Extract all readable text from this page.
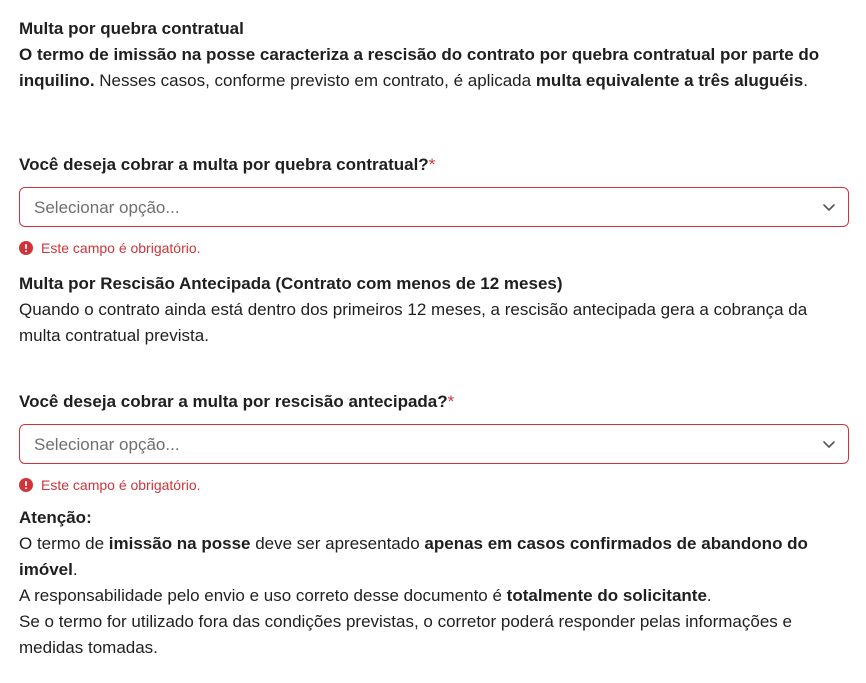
Multa por quebra contratual

O termo de imissão na posse caracteriza a rescisão do contrato por quebra contratual por parte do inquilino. Nesses casos, conforme previsto em contrato, é aplicada multa equivalente a três aluguéis.

Você deseja cobrar a multa por quebra contratual?*

Selecionar opção...
Este campo é obrigatório.

Multa por Rescisão Antecipada (Contrato com menos de 12 meses)

Quando o contrato ainda está dentro dos primeiros 12 meses, a rescisão antecipada gera a cobrança da multa contratual prevista.

Você deseja cobrar a multa por rescisão antecipada?*

Selecionar opção...
Este campo é obrigatório.

Atenção:

O termo de imissão na posse deve ser apresentado apenas em casos confirmados de abandono do imóvel.

A responsabilidade pelo envio e uso correto desse documento é totalmente do solicitante.

Se o termo for utilizado fora das condições previstas, o corretor poderá responder pelas informações e medidas tomadas.
